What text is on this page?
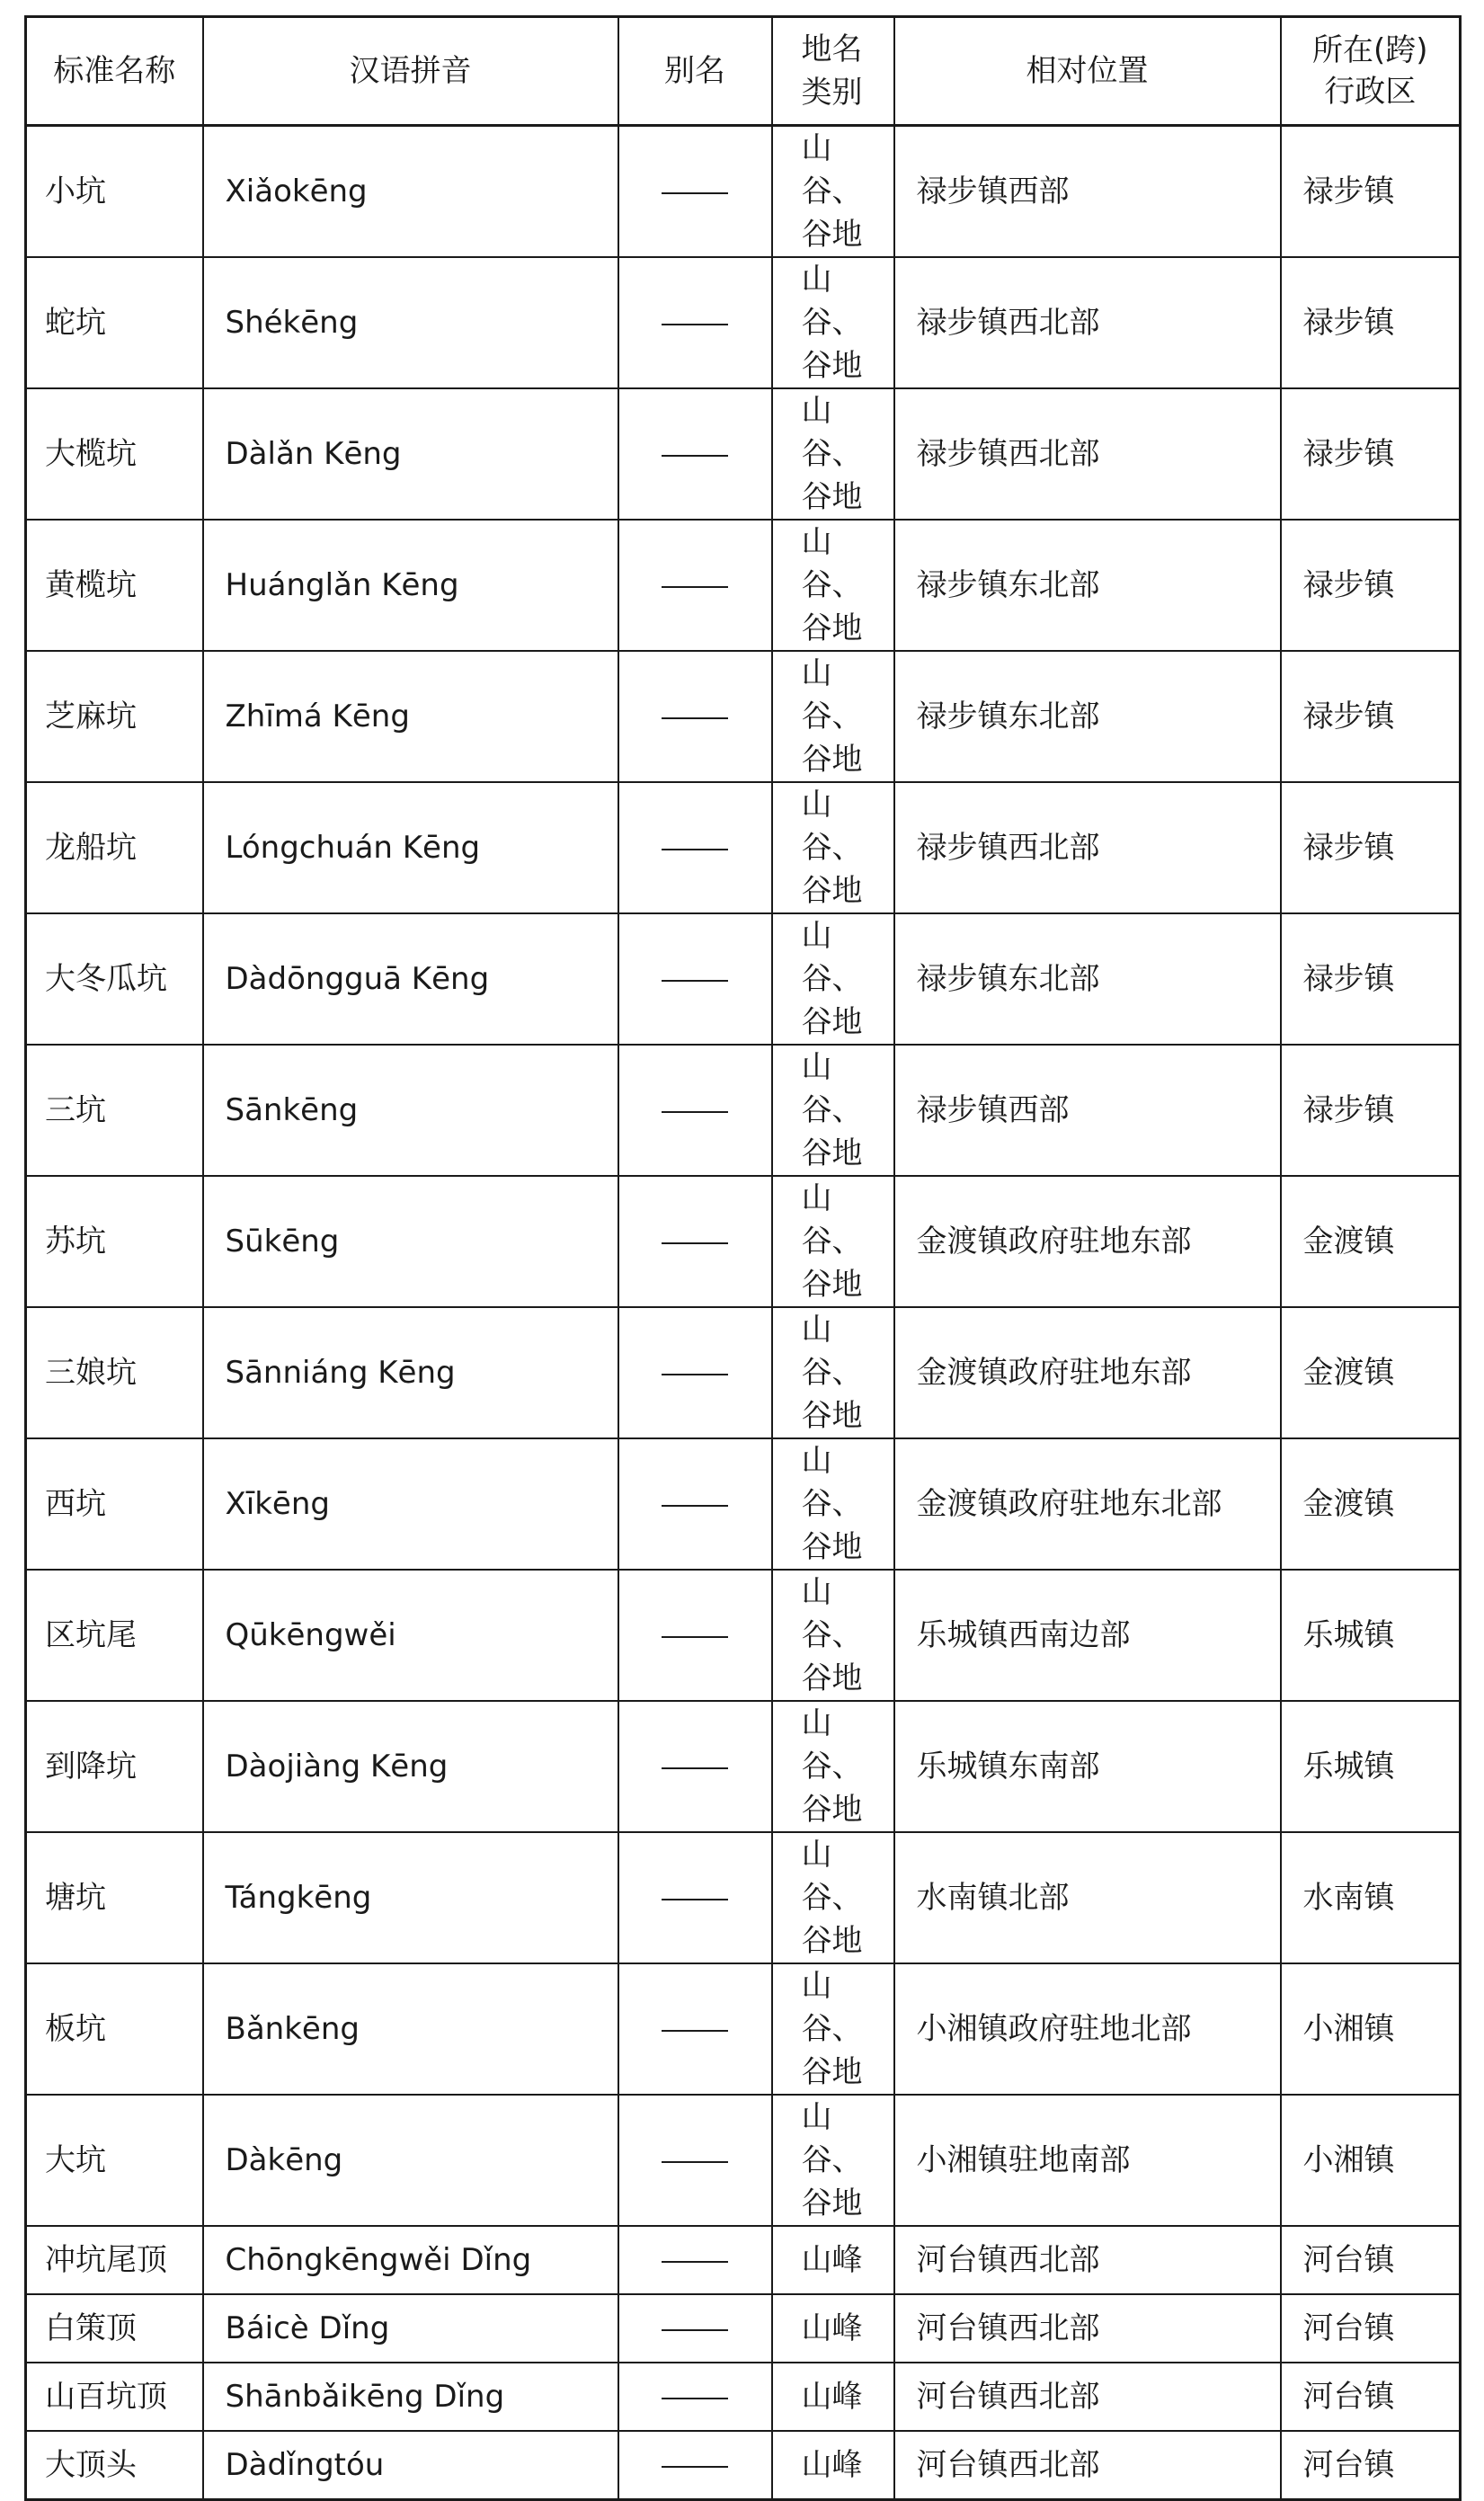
标准名称	汉语拼音	别名	地名类别	相对位置	所在(跨)行政区
小坑	Xiǎokēng		山谷、谷地	禄步镇西部	禄步镇
蛇坑	Shékēng		山谷、谷地	禄步镇西北部	禄步镇
大榄坑	Dàlǎn Kēng		山谷、谷地	禄步镇西北部	禄步镇
黄榄坑	Huánglǎn Kēng		山谷、谷地	禄步镇东北部	禄步镇
芝麻坑	Zhīmá Kēng		山谷、谷地	禄步镇东北部	禄步镇
龙船坑	Lóngchuán Kēng		山谷、谷地	禄步镇西北部	禄步镇
大冬瓜坑	Dàdōngguā Kēng		山谷、谷地	禄步镇东北部	禄步镇
三坑	Sānkēng		山谷、谷地	禄步镇西部	禄步镇
苏坑	Sūkēng		山谷、谷地	金渡镇政府驻地东部	金渡镇
三娘坑	Sānniáng Kēng		山谷、谷地	金渡镇政府驻地东部	金渡镇
西坑	Xīkēng		山谷、谷地	金渡镇政府驻地东北部	金渡镇
区坑尾	Qūkēngwěi		山谷、谷地	乐城镇西南边部	乐城镇
到降坑	Dàojiàng Kēng		山谷、谷地	乐城镇东南部	乐城镇
塘坑	Tángkēng		山谷、谷地	水南镇北部	水南镇
板坑	Bǎnkēng		山谷、谷地	小湘镇政府驻地北部	小湘镇
大坑	Dàkēng		山谷、谷地	小湘镇驻地南部	小湘镇
冲坑尾顶	Chōngkēngwěi Dǐng		山峰	河台镇西北部	河台镇
白策顶	Báicè Dǐng		山峰	河台镇西北部	河台镇
山百坑顶	Shānbǎikēng Dǐng		山峰	河台镇西北部	河台镇
大顶头	Dàdǐngtóu		山峰	河台镇西北部	河台镇
